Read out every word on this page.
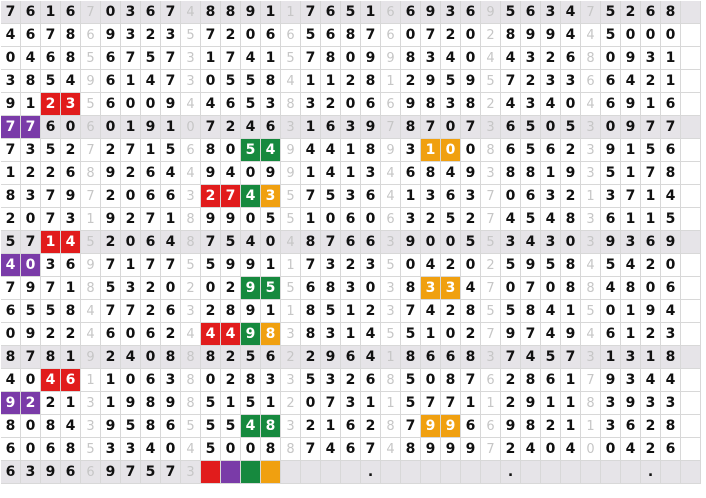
7 6 1 6 7 0 3 6 7 4 8 8 9 1 1 7 6 5 1 6 6 9 3 6 9 5 6 3 4 7 5 2 6 8
4 6 7 8 6 9 3 2 3 5 7 2 0 6 6 5 6 8 7 6 0 7 2 0 2 8 9 9 4 4 5 0 0 0
0 4 6 8 5 6 7 5 7 3 1 7 4 1 5 7 8 0 9 9 8 3 4 0 4 4 3 2 6 8 0 9 3 1
3 8 5 4 9 6 1 4 7 3 0 5 5 8 4 1 1 2 8 1 2 9 5 9 5 7 2 3 3 6 6 4 2 1
9 1 2 3 5 6 0 0 9 4 4 6 5 3 8 3 2 0 6 6 9 8 3 8 2 4 3 4 0 4 6 9 1 6
7 7 6 0 6 0 1 9 1 0 7 2 4 6 3 1 6 3 9 7 8 7 0 7 3 6 5 0 5 3 0 9 7 7
7 3 5 2 7 2 7 1 5 6 8 0 5 4 9 4 4 1 8 9 3 1 0 0 8 6 5 6 2 3 9 1 5 6
1 2 2 6 8 9 2 6 4 4 9 4 0 9 9 1 4 1 3 4 6 8 4 9 3 8 8 1 9 3 5 1 7 8
8 3 7 9 7 2 0 6 6 3 2 7 4 3 5 7 5 3 6 4 1 3 6 3 7 0 6 3 2 1 3 7 1 4
2 0 7 3 1 9 2 7 1 8 9 9 0 5 5 1 0 6 0 6 3 2 5 2 7 4 5 4 8 3 6 1 1 5
5 7 1 4 5 2 0 6 4 8 7 5 4 0 4 8 7 6 6 3 9 0 0 5 5 3 4 3 0 3 9 3 6 9
4 0 3 6 9 7 1 7 7 5 5 9 9 1 1 7 3 2 3 5 0 4 2 0 2 5 9 5 8 4 5 4 2 0
7 9 7 1 8 5 3 2 0 2 0 2 9 5 5 6 8 3 0 3 8 3 3 4 7 0 7 0 8 8 4 8 0 6
6 5 5 8 4 7 7 2 6 3 2 8 9 1 1 8 5 1 2 3 7 4 2 8 5 5 8 4 1 5 0 1 9 4
0 9 2 2 4 6 0 6 2 4 4 4 9 8 3 8 3 1 4 5 5 1 0 2 7 9 7 4 9 4 6 1 2 3
8 7 8 1 9 2 4 0 8 8 8 2 5 6 2 2 9 6 4 1 8 6 6 8 3 7 4 5 7 3 1 3 1 8
4 0 4 6 1 1 0 6 3 8 0 2 8 3 3 5 3 2 6 8 5 0 8 7 6 2 8 6 1 7 9 3 4 4
9 2 2 1 3 1 9 8 9 8 5 1 5 1 2 0 7 3 1 1 5 7 7 1 1 2 9 1 1 8 3 9 3 3
8 0 8 4 3 9 5 8 6 5 5 5 4 8 3 2 1 6 2 8 7 9 9 6 6 9 8 2 1 1 3 6 2 8
6 0 6 8 5 3 3 4 0 4 5 0 0 8 8 7 4 6 7 4 8 9 9 9 7 2 4 0 4 0 0 4 2 6
6 3 9 6 6 9 7 5 7 3	.	.	.
